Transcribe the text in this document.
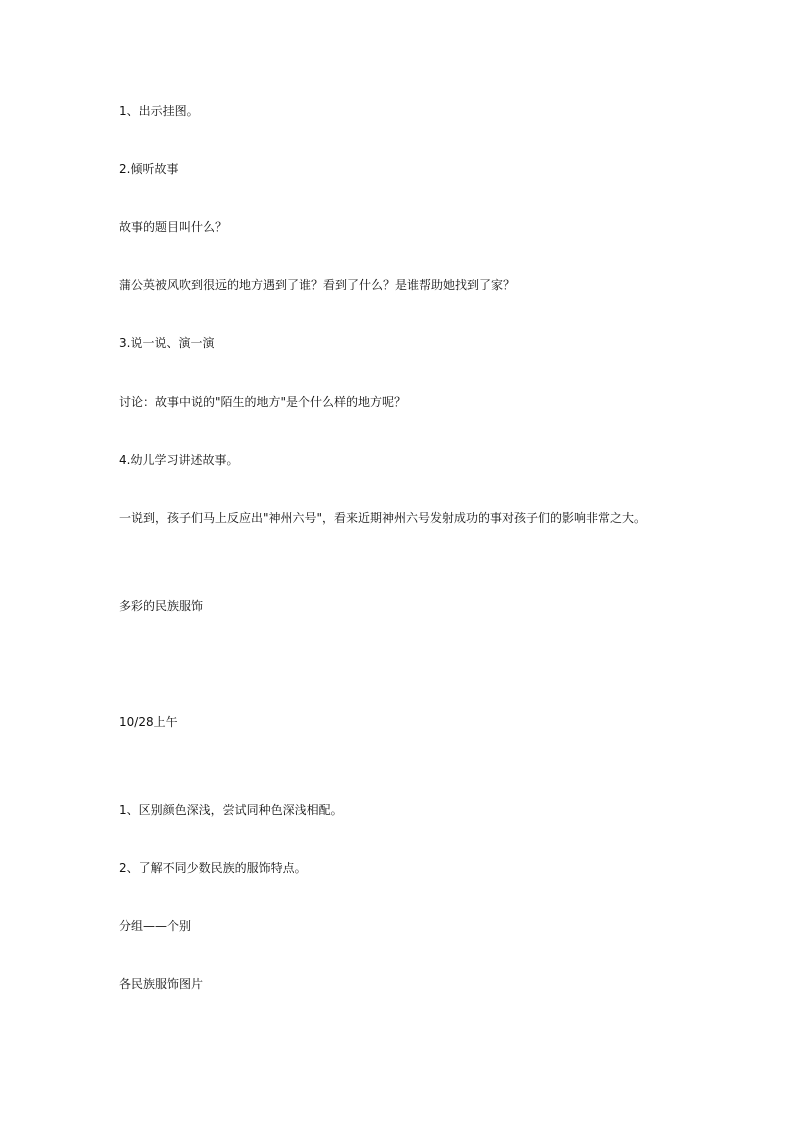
1、出示挂图。
2.倾听故事
故事的题目叫什么？
蒲公英被风吹到很远的地方遇到了谁？看到了什么？是谁帮助她找到了家？
3.说一说、演一演
讨论：故事中说的"陌生的地方"是个什么样的地方呢？
4.幼儿学习讲述故事。
一说到，孩子们马上反应出"神州六号"，看来近期神州六号发射成功的事对孩子们的影响非常之大。
多彩的民族服饰
10/28上午
1、区别颜色深浅，尝试同种色深浅相配。
2、了解不同少数民族的服饰特点。
分组——个别
各民族服饰图片
